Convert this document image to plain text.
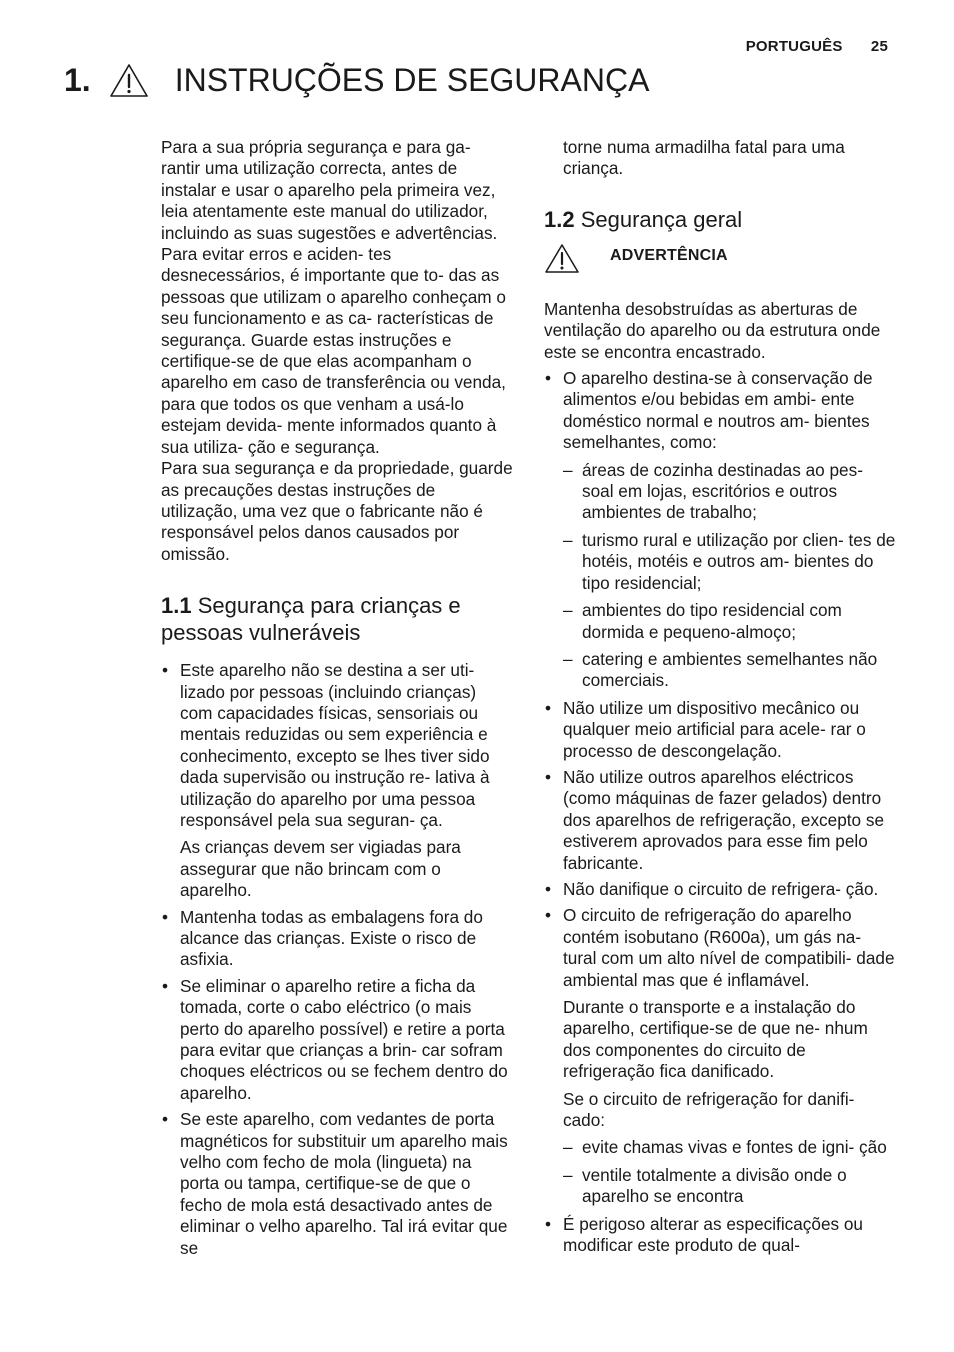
PORTUGUÊS 25
1.	INSTRUÇÕES DE SEGURANÇA

Para a sua própria segurança e para ga- rantir uma utilização correcta, antes de instalar e usar o aparelho pela primeira vez, leia atentamente este manual do utilizador, incluindo as suas sugestões e advertências. Para evitar erros e aciden- tes desnecessários, é importante que to- das as pessoas que utilizam o aparelho conheçam o seu funcionamento e as ca- racterísticas de segurança. Guarde estas instruções e certifique-se de que elas acompanham o aparelho em caso de transferência ou venda, para que todos os que venham a usá-lo estejam devida- mente informados quanto à sua utiliza- ção e segurança.

Para sua segurança e da propriedade, guarde as precauções destas instruções de utilização, uma vez que o fabricante não é responsável pelos danos causados por omissão.

1.1 Segurança para crianças e pessoas vulneráveis

• Este aparelho não se destina a ser uti- lizado por pessoas (incluindo crianças) com capacidades físicas, sensoriais ou mentais reduzidas ou sem experiência e conhecimento, excepto se lhes tiver sido dada supervisão ou instrução re- lativa à utilização do aparelho por uma pessoa responsável pela sua seguran- ça.

As crianças devem ser vigiadas para assegurar que não brincam com o aparelho.

• Mantenha todas as embalagens fora do alcance das crianças. Existe o risco de asfixia.

• Se eliminar o aparelho retire a ficha da tomada, corte o cabo eléctrico (o mais perto do aparelho possível) e retire a porta para evitar que crianças a brin- car sofram choques eléctricos ou se fechem dentro do aparelho.

• Se este aparelho, com vedantes de porta magnéticos for substituir um aparelho mais velho com fecho de mola (lingueta) na porta ou tampa, certifique-se de que o fecho de mola está desactivado antes de eliminar o velho aparelho. Tal irá evitar que se

torne numa armadilha fatal para uma criança.

1.2 Segurança geral
ADVERTÊNCIA

Mantenha desobstruídas as aberturas de ventilação do aparelho ou da estrutura onde este se encontra encastrado.

• O aparelho destina-se à conservação de alimentos e/ou bebidas em ambi- ente doméstico normal e noutros am- bientes semelhantes, como:

– áreas de cozinha destinadas ao pes- soal em lojas, escritórios e outros ambientes de trabalho;
– turismo rural e utilização por clien- tes de hotéis, motéis e outros am- bientes do tipo residencial;
– ambientes do tipo residencial com dormida e pequeno-almoço;
– catering e ambientes semelhantes não comerciais.

• Não utilize um dispositivo mecânico ou qualquer meio artificial para acele- rar o processo de descongelação.

• Não utilize outros aparelhos eléctricos (como máquinas de fazer gelados) dentro dos aparelhos de refrigeração, excepto se estiverem aprovados para esse fim pelo fabricante.

• Não danifique o circuito de refrigera- ção.

• O circuito de refrigeração do aparelho contém isobutano (R600a), um gás na- tural com um alto nível de compatibili- dade ambiental mas que é inflamável.

Durante o transporte e a instalação do aparelho, certifique-se de que ne- nhum dos componentes do circuito de refrigeração fica danificado.

Se o circuito de refrigeração for danifi- cado:

– evite chamas vivas e fontes de igni- ção
– ventile totalmente a divisão onde o aparelho se encontra

• É perigoso alterar as especificações ou modificar este produto de qual-
